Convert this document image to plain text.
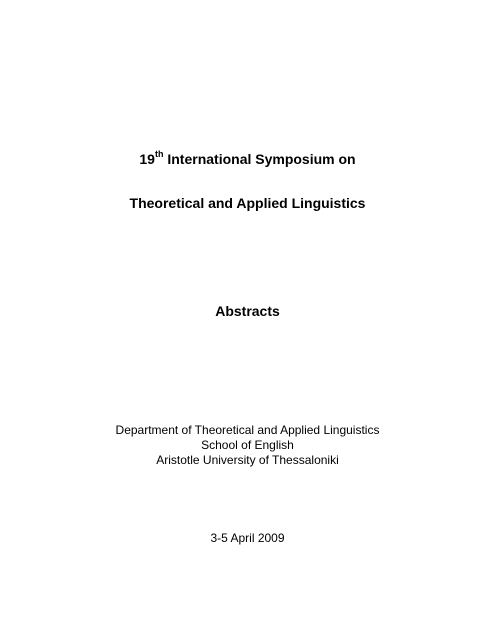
19th International Symposium on
Theoretical and Applied Linguistics
Abstracts
Department of Theoretical and Applied Linguistics
School of English
Aristotle University of Thessaloniki
3-5 April 2009
